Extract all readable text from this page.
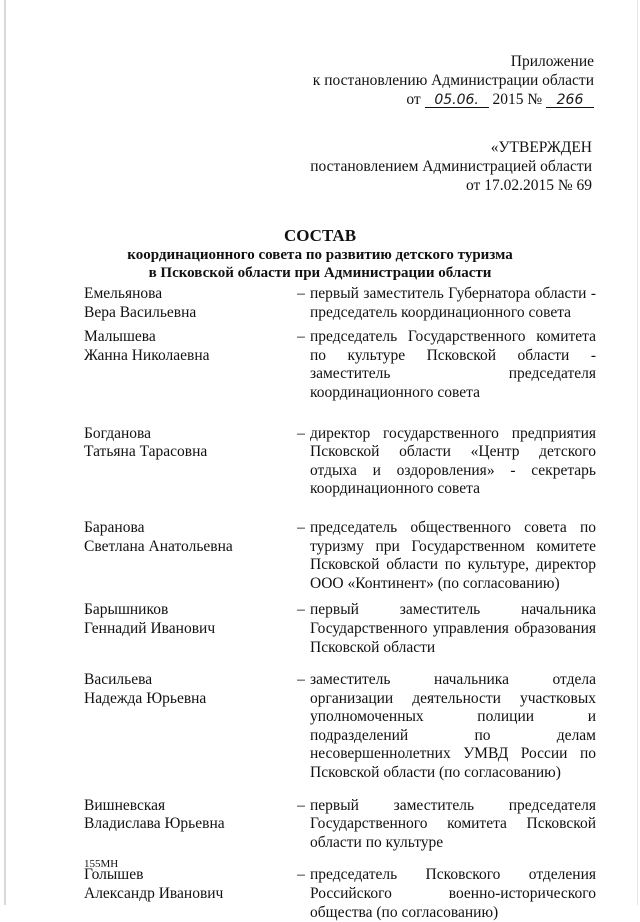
Приложение
к постановлению Администрации области
от 05.06. 2015 № 266
«УТВЕРЖДЕН
постановлением Администрацией области
от 17.02.2015 № 69
СОСТАВ
координационного совета по развитию детского туризма
в Псковской области при Администрации области
Емельянова
Вера Васильевна
– первый заместитель Губернатора области - председатель координационного совета
Малышева
Жанна Николаевна
– председатель Государственного комитета по культуре Псковской области - заместитель председателя координационного совета
Богданова
Татьяна Тарасовна
– директор государственного предприятия Псковской области «Центр детского отдыха и оздоровления» - секретарь координационного совета
Баранова
Светлана Анатольевна
– председатель общественного совета по туризму при Государственном комитете Псковской области по культуре, директор ООО «Континент» (по согласованию)
Барышников
Геннадий Иванович
– первый заместитель начальника Государственного управления образования Псковской области
Васильева
Надежда Юрьевна
– заместитель начальника отдела организации деятельности участковых уполномоченных полиции и подразделений по делам несовершеннолетних УМВД России по Псковской области (по согласованию)
Вишневская
Владислава Юрьевна
– первый заместитель председателя Государственного комитета Псковской области по культуре
Голышев
Александр Иванович
– председатель Псковского отделения Российского военно-исторического общества (по согласованию)
155МН
